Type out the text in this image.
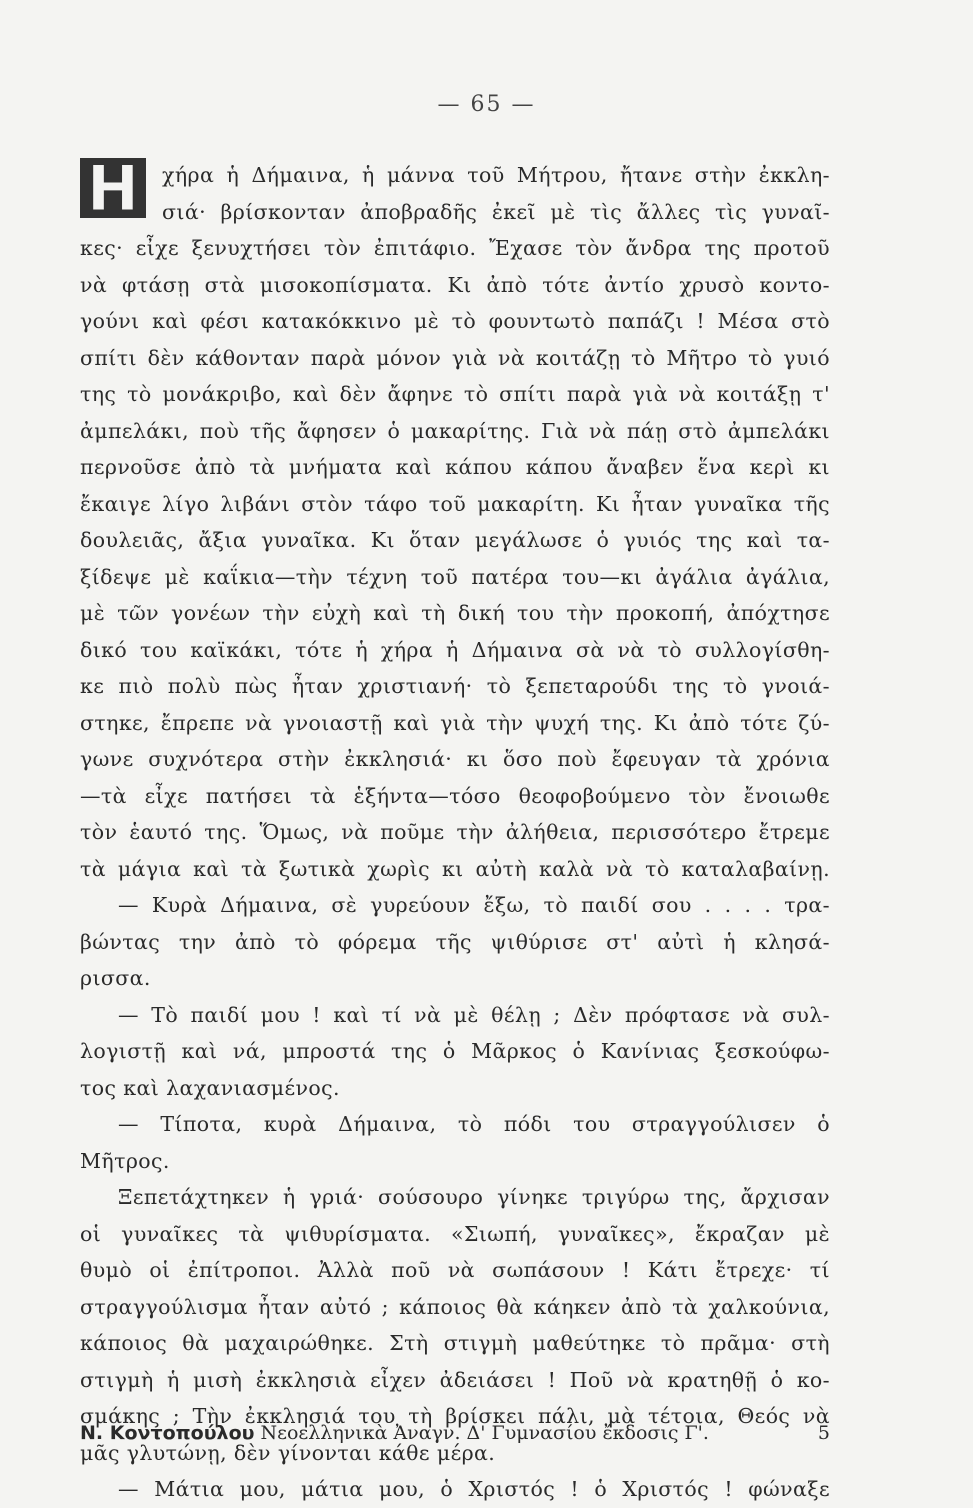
— 65 —
Η	χήρα ἡ Δήμαινα, ἡ μάννα τοῦ Μήτρου, ἤτανε στὴν ἐκκλη-
σιά· βρίσκονταν ἀποβραδῆς ἐκεῖ μὲ τὶς ἄλλες τὶς γυναῖ-
κες· εἶχε ξενυχτήσει τὸν ἐπιτάφιο. Ἔχασε τὸν ἄνδρα της προτοῦ
νὰ φτάσῃ στὰ μισοκοπίσματα. Κι ἀπὸ τότε ἀντίο χρυσὸ κοντο-
γούνι καὶ φέσι κατακόκκινο μὲ τὸ φουντωτὸ παπάζι ! Μέσα στὸ
σπίτι δὲν κάθονταν παρὰ μόνον γιὰ νὰ κοιτάζῃ τὸ Μῆτρο τὸ γυιό
της τὸ μονάκριβο, καὶ δὲν ἄφηνε τὸ σπίτι παρὰ γιὰ νὰ κοιτάξῃ τ'
ἀμπελάκι, ποὺ τῆς ἄφησεν ὁ μακαρίτης. Γιὰ νὰ πάῃ στὸ ἀμπελάκι
περνοῦσε ἀπὸ τὰ μνήματα καὶ κάπου κάπου ἄναβεν ἕνα κερὶ κι
ἔκαιγε λίγο λιβάνι στὸν τάφο τοῦ μακαρίτη. Κι ἦταν γυναῖκα τῆς
δουλειᾶς, ἄξια γυναῖκα. Κι ὅταν μεγάλωσε ὁ γυιός της καὶ τα-
ξίδεψε μὲ καΐκια—τὴν τέχνη τοῦ πατέρα του—κι ἀγάλια ἀγάλια,
μὲ τῶν γονέων τὴν εὐχὴ καὶ τὴ δική του τὴν προκοπή, ἀπόχτησε
δικό του καϊκάκι, τότε ἡ χήρα ἡ Δήμαινα σὰ νὰ τὸ συλλογίσθη-
κε πιὸ πολὺ πὼς ἦταν χριστιανή· τὸ ξεπεταρούδι της τὸ γνοιά-
στηκε, ἔπρεπε νὰ γνοιαστῇ καὶ γιὰ τὴν ψυχή της. Κι ἀπὸ τότε ζύ-
γωνε συχνότερα στὴν ἐκκλησιά· κι ὅσο ποὺ ἔφευγαν τὰ χρόνια
—τὰ εἶχε πατήσει τὰ ἑξήντα—τόσο θεοφοβούμενο τὸν ἔνοιωθε
τὸν ἑαυτό της. Ὅμως, νὰ ποῦμε τὴν ἀλήθεια, περισσότερο ἔτρεμε
τὰ μάγια καὶ τὰ ξωτικὰ χωρὶς κι αὐτὴ καλὰ νὰ τὸ καταλαβαίνῃ.
— Κυρὰ Δήμαινα, σὲ γυρεύουν ἔξω, τὸ παιδί σου . . . . τρα-
βώντας την ἀπὸ τὸ φόρεμα τῆς ψιθύρισε στ' αὐτὶ ἡ κλησά-
ρισσα.
— Τὸ παιδί μου ! καὶ τί νὰ μὲ θέλῃ ; Δὲν πρόφτασε νὰ συλ-
λογιστῇ καὶ νά, μπροστά της ὁ Μᾶρκος ὁ Κανίνιας ξεσκούφω-
τος καὶ λαχανιασμένος.
— Τίποτα, κυρὰ Δήμαινα, τὸ πόδι του στραγγούλισεν ὁ
Μῆτρος.
Ξεπετάχτηκεν ἡ γριά· σούσουρο γίνηκε τριγύρω της, ἄρχισαν
οἱ γυναῖκες τὰ ψιθυρίσματα. «Σιωπή, γυναῖκες», ἔκραζαν μὲ
θυμὸ οἱ ἐπίτροποι. Ἀλλὰ ποῦ νὰ σωπάσουν ! Κάτι ἔτρεχε· τί
στραγγούλισμα ἦταν αὐτό ; κάποιος θὰ κάηκεν ἀπὸ τὰ χαλκούνια,
κάποιος θὰ μαχαιρώθηκε. Στὴ στιγμὴ μαθεύτηκε τὸ πρᾶμα· στὴ
στιγμὴ ἡ μισὴ ἐκκλησιὰ εἶχεν ἀδειάσει ! Ποῦ νὰ κρατηθῇ ὁ κο-
σμάκης ; Τὴν ἐκκλησιά του τὴ βρίσκει πάλι, μὰ τέτοια, Θεός νὰ
μᾶς γλυτώνῃ, δὲν γίνονται κάθε μέρα.
— Μάτια μου, μάτια μου, ὁ Χριστός ! ὁ Χριστός ! φώναξε
Ν. Κοντοπούλου Νεοελληνικὰ Ἀναγν. Δ' Γυμνασίου ἔκδοσις Γ'.	5
